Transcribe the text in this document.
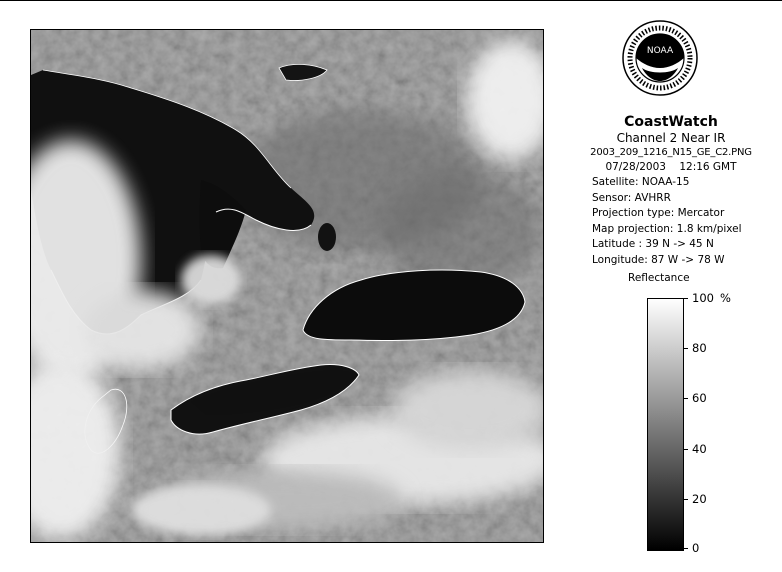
NOAA
CoastWatch
Channel 2 Near IR
2003_209_1216_N15_GE_C2.PNG
07/28/2003 12:16 GMT
Satellite: NOAA-15
Sensor: AVHRR
Projection type: Mercator
Map projection: 1.8 km/pixel
Latitude : 39 N -> 45 N
Longitude: 87 W -> 78 W
Reflectance
%
100
80
60
40
20
0
